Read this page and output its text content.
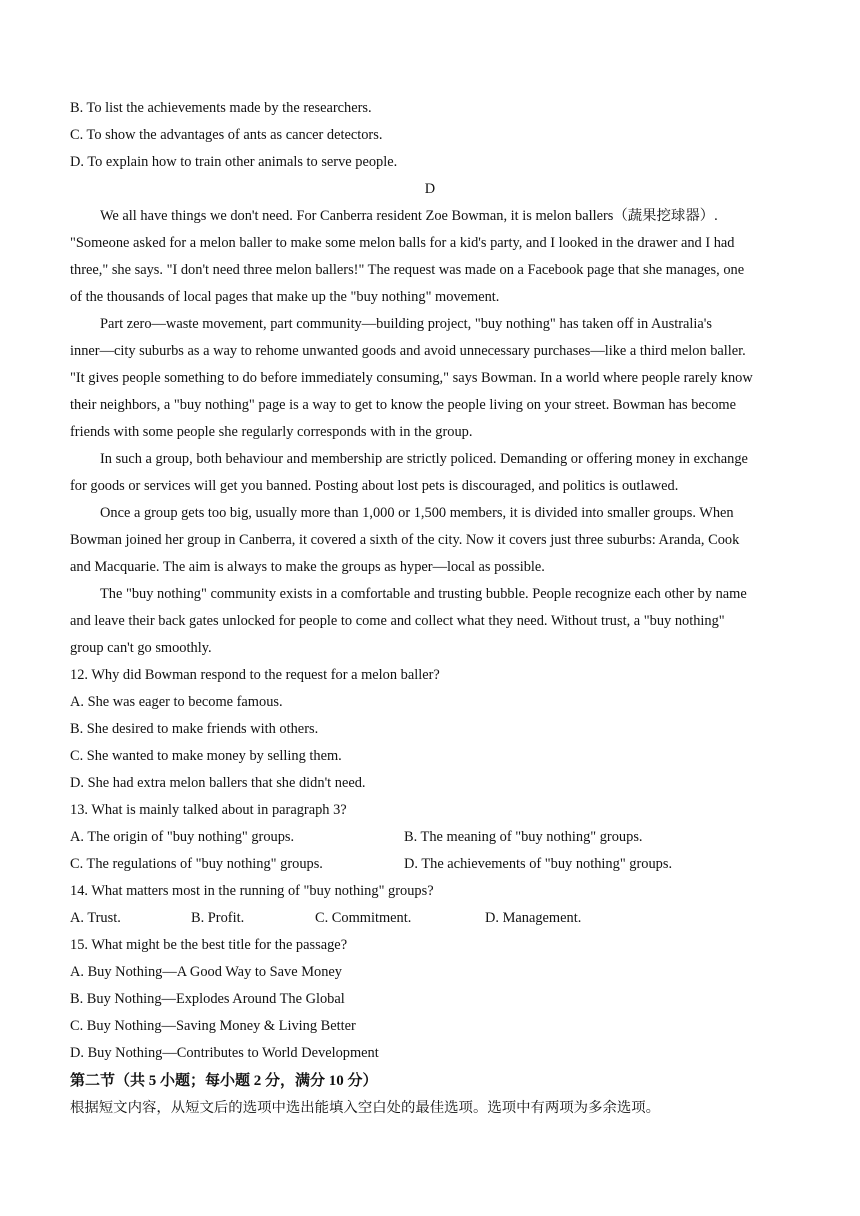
B. To list the achievements made by the researchers.
C. To show the advantages of ants as cancer detectors.
D. To explain how to train other animals to serve people.
D
We all have things we don't need. For Canberra resident Zoe Bowman, it is melon ballers（蔬果挖球器）.
"Someone asked for a melon baller to make some melon balls for a kid's party, and I looked in the drawer and I had
three," she says. "I don't need three melon ballers!" The request was made on a Facebook page that she manages, one
of the thousands of local pages that make up the "buy nothing" movement.
Part zero—waste movement, part community—building project, "buy nothing" has taken off in Australia's
inner—city suburbs as a way to rehome unwanted goods and avoid unnecessary purchases—like a third melon baller.
"It gives people something to do before immediately consuming," says Bowman. In a world where people rarely know
their neighbors, a "buy nothing" page is a way to get to know the people living on your street. Bowman has become
friends with some people she regularly corresponds with in the group.
In such a group, both behaviour and membership are strictly policed. Demanding or offering money in exchange
for goods or services will get you banned. Posting about lost pets is discouraged, and politics is outlawed.
Once a group gets too big, usually more than 1,000 or 1,500 members, it is divided into smaller groups. When
Bowman joined her group in Canberra, it covered a sixth of the city. Now it covers just three suburbs: Aranda, Cook
and Macquarie. The aim is always to make the groups as hyper—local as possible.
The "buy nothing" community exists in a comfortable and trusting bubble. People recognize each other by name
and leave their back gates unlocked for people to come and collect what they need. Without trust, a "buy nothing"
group can't go smoothly.
12. Why did Bowman respond to the request for a melon baller?
A. She was eager to become famous.
B. She desired to make friends with others.
C. She wanted to make money by selling them.
D. She had extra melon ballers that she didn't need.
13. What is mainly talked about in paragraph 3?
A. The origin of "buy nothing" groups.	B. The meaning of "buy nothing" groups.
C. The regulations of "buy nothing" groups.	D. The achievements of "buy nothing" groups.
14. What matters most in the running of "buy nothing" groups?
A. Trust.	B. Profit.	C. Commitment.	D. Management.
15. What might be the best title for the passage?
A. Buy Nothing—A Good Way to Save Money
B. Buy Nothing—Explodes Around The Global
C. Buy Nothing—Saving Money & Living Better
D. Buy Nothing—Contributes to World Development
第二节（共 5 小题；每小题 2 分，满分 10 分）
根据短文内容，从短文后的选项中选出能填入空白处的最佳选项。选项中有两项为多余选项。
